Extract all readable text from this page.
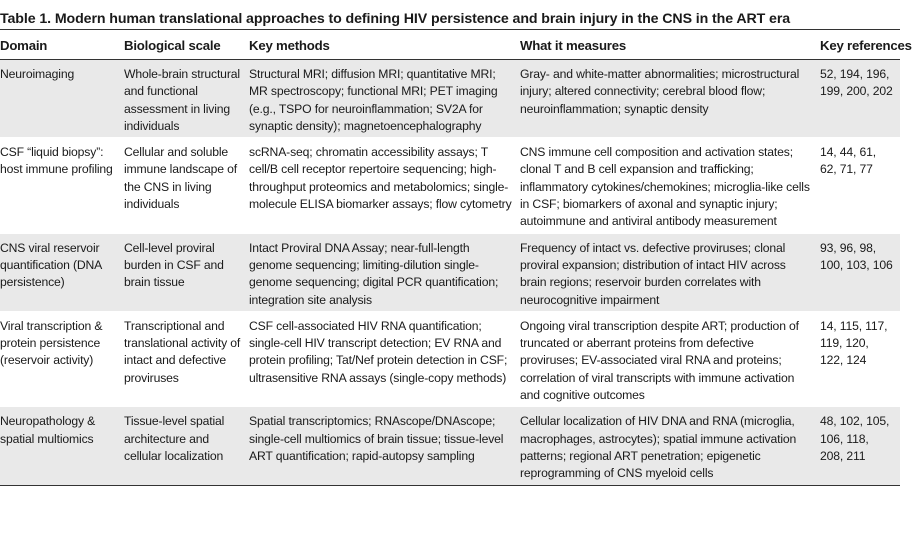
Table 1. Modern human translational approaches to defining HIV persistence and brain injury in the CNS in the ART era
Domain	Biological scale	Key methods	What it measures	Key references
Neuroimaging	Whole-brain structural and functional assessment in living individuals	Structural MRI; diffusion MRI; quantitative MRI; MR spectroscopy; functional MRI; PET imaging (e.g., TSPO for neuroinflammation; SV2A for synaptic density); magnetoencephalography	Gray- and white-matter abnormalities; microstructural injury; altered connectivity; cerebral blood flow; neuroinflammation; synaptic density	52, 194, 196, 199, 200, 202
CSF “liquid biopsy”: host immune profiling	Cellular and soluble immune landscape of the CNS in living individuals	scRNA-seq; chromatin accessibility assays; T cell/B cell receptor repertoire sequencing; high-throughput proteomics and metabolomics; single-molecule ELISA biomarker assays; flow cytometry	CNS immune cell composition and activation states; clonal T and B cell expansion and trafficking; inflammatory cytokines/chemokines; microglia-like cells in CSF; biomarkers of axonal and synaptic injury; autoimmune and antiviral antibody measurement	14, 44, 61, 62, 71, 77
CNS viral reservoir quantification (DNA persistence)	Cell-level proviral burden in CSF and brain tissue	Intact Proviral DNA Assay; near-full-length genome sequencing; limiting-dilution single-genome sequencing; digital PCR quantification; integration site analysis	Frequency of intact vs. defective proviruses; clonal proviral expansion; distribution of intact HIV across brain regions; reservoir burden correlates with neurocognitive impairment	93, 96, 98, 100, 103, 106
Viral transcription & protein persistence (reservoir activity)	Transcriptional and translational activity of intact and defective proviruses	CSF cell-associated HIV RNA quantification; single-cell HIV transcript detection; EV RNA and protein profiling; Tat/Nef protein detection in CSF; ultrasensitive RNA assays (single-copy methods)	Ongoing viral transcription despite ART; production of truncated or aberrant proteins from defective proviruses; EV-associated viral RNA and proteins; correlation of viral transcripts with immune activation and cognitive outcomes	14, 115, 117, 119, 120, 122, 124
Neuropathology & spatial multiomics	Tissue-level spatial architecture and cellular localization	Spatial transcriptomics; RNAscope/DNAscope; single-cell multiomics of brain tissue; tissue-level ART quantification; rapid-autopsy sampling	Cellular localization of HIV DNA and RNA (microglia, macrophages, astrocytes); spatial immune activation patterns; regional ART penetration; epigenetic reprogramming of CNS myeloid cells	48, 102, 105, 106, 118, 208, 211
